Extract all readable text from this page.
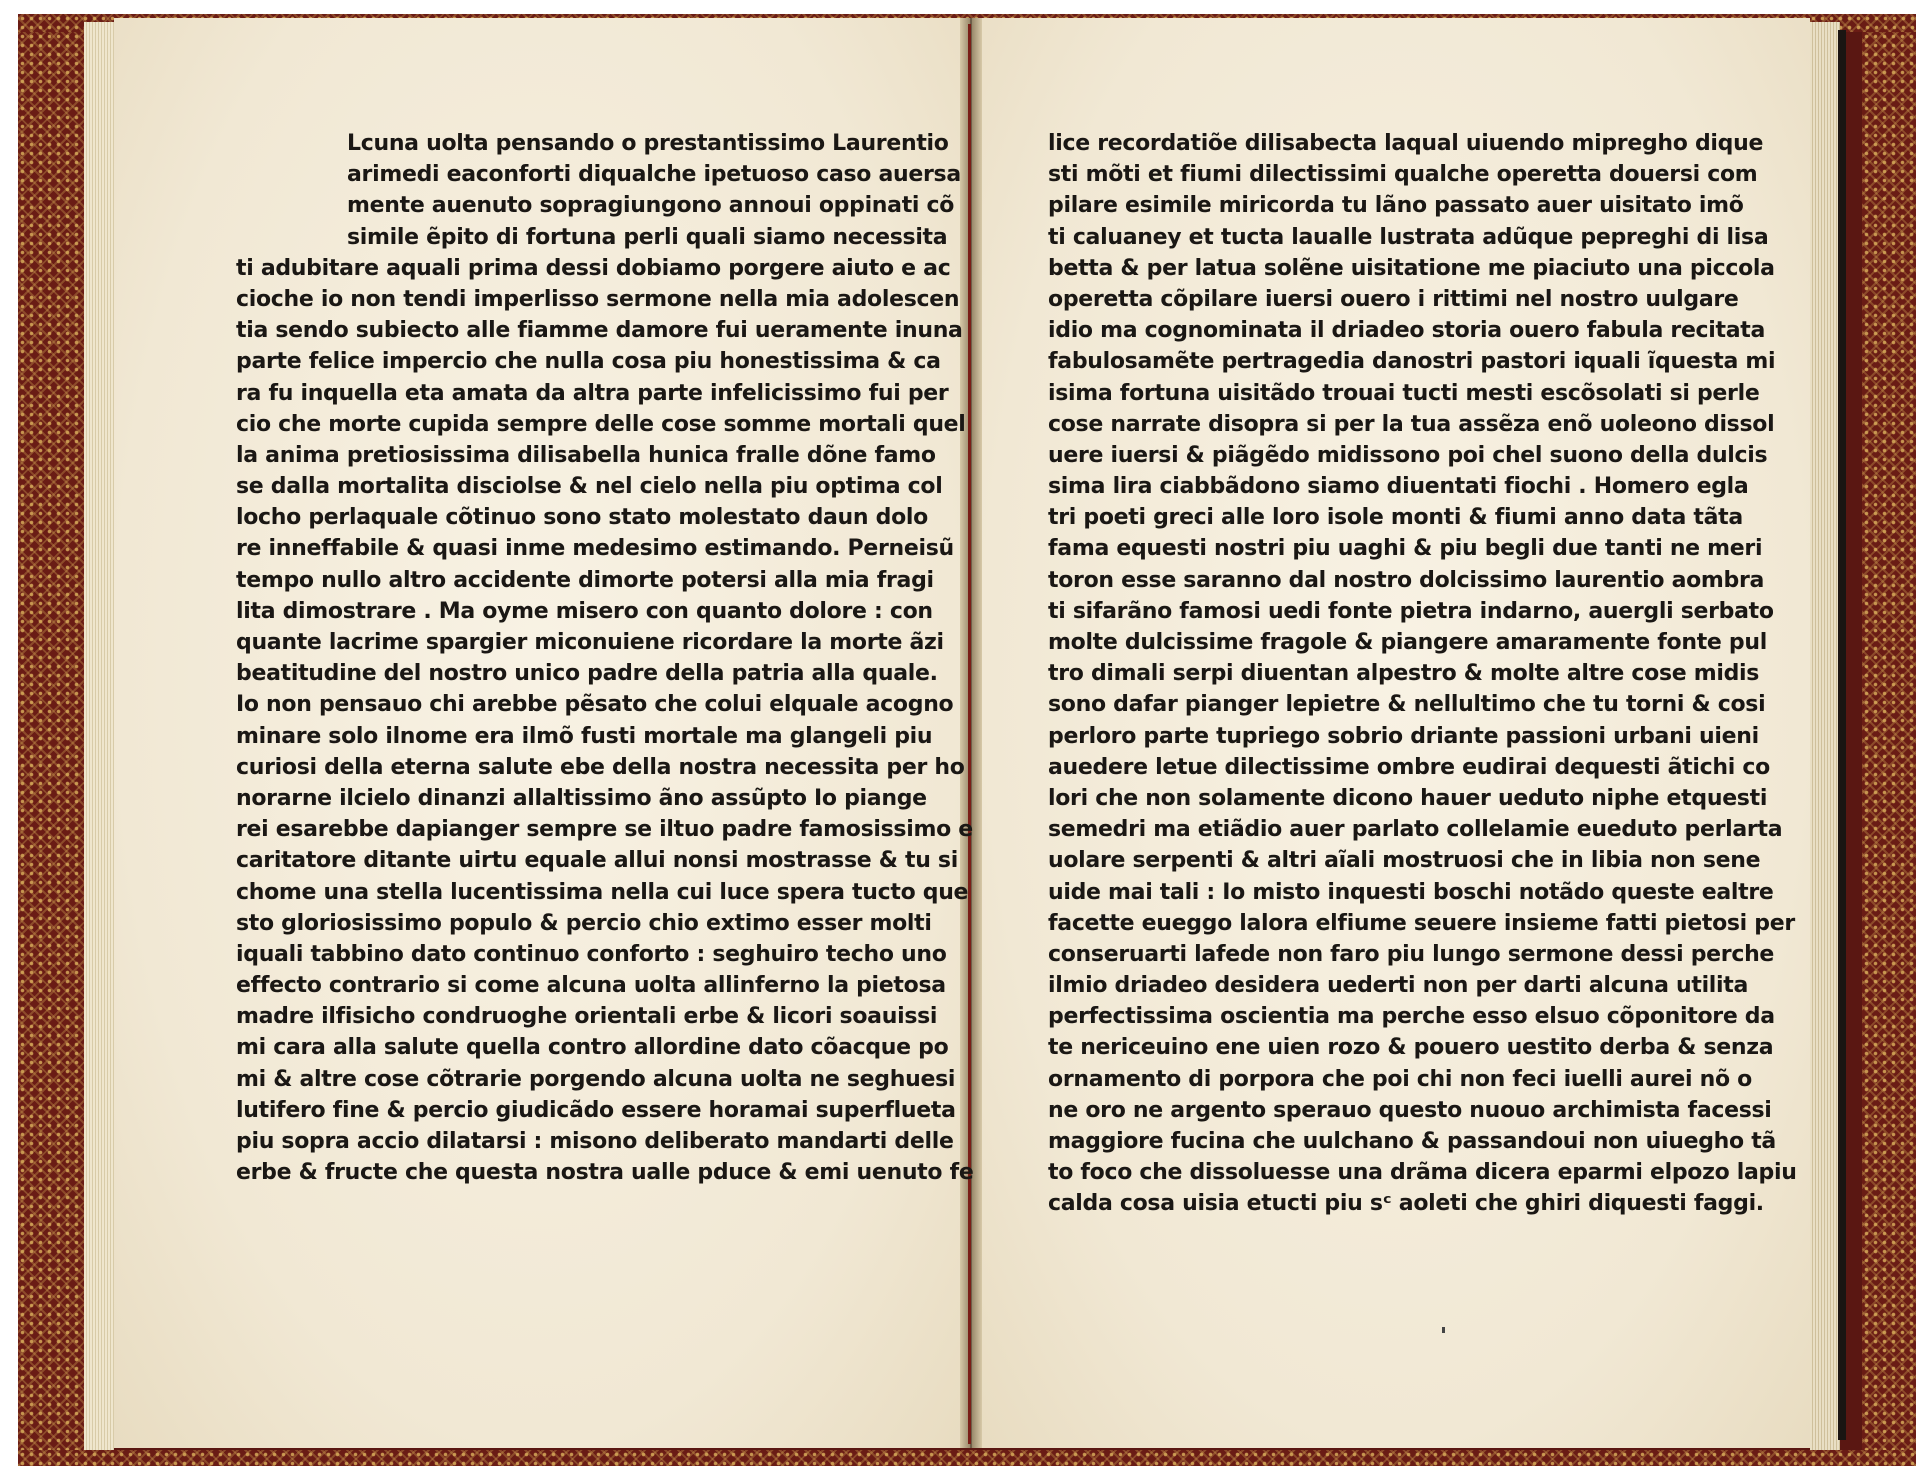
Lcuna uolta pensando o prestantissimo Laurentio
arimedi eaconforti diqualche ipetuoso caso auersa
mente auenuto sopragiungono annoui oppinati cõ
simile ẽpito di fortuna perli quali siamo necessita
ti adubitare aquali prima dessi dobiamo porgere aiuto e ac
cioche io non tendi imperlisso sermone nella mia adolescen
tia sendo subiecto alle fiamme damore fui ueramente inuna
parte felice impercio che nulla cosa piu honestissima & ca
ra fu inquella eta amata da altra parte infelicissimo fui per
cio che morte cupida sempre delle cose somme mortali quel
la anima pretiosissima dilisabella hunica fralle dõne famo
se dalla mortalita disciolse & nel cielo nella piu optima col
locho perlaquale cõtinuo sono stato molestato daun dolo
re inneffabile & quasi inme medesimo estimando. Perneisũ
tempo nullo altro accidente dimorte potersi alla mia fragi
lita dimostrare . Ma oyme misero con quanto dolore : con
quante lacrime spargier miconuiene ricordare la morte ãzi
beatitudine del nostro unico padre della patria alla quale.
Io non pensauo chi arebbe pẽsato che colui elquale acogno
minare solo ilnome era ilmõ fusti mortale ma glangeli piu
curiosi della eterna salute ebe della nostra necessita per ho
norarne ilcielo dinanzi allaltissimo ãno assũpto Io piange
rei esarebbe dapianger sempre se iltuo padre famosissimo e
caritatore ditante uirtu equale allui nonsi mostrasse & tu si
chome una stella lucentissima nella cui luce spera tucto que
sto gloriosissimo populo & percio chio extimo esser molti
iquali tabbino dato continuo conforto : seghuiro techo uno
effecto contrario si come alcuna uolta allinferno la pietosa
madre ilfisicho condruoghe orientali erbe & licori soauissi
mi cara alla salute quella contro allordine dato cõacque po
mi & altre cose cõtrarie porgendo alcuna uolta ne seghuesi
lutifero fine & percio giudicãdo essere horamai superflueta
piu sopra accio dilatarsi : misono deliberato mandarti delle
erbe & fructe che questa nostra ualle pduce & emi uenuto fe
lice recordatiõe dilisabecta laqual uiuendo mipregho dique
sti mõti et fiumi dilectissimi qualche operetta douersi com
pilare esimile miricorda tu lãno passato auer uisitato imõ
ti caluaney et tucta laualle lustrata adũque pepreghi di lisa
betta & per latua solẽne uisitatione me piaciuto una piccola
operetta cõpilare iuersi ouero i rittimi nel nostro uulgare
idio ma cognominata il driadeo storia ouero fabula recitata
fabulosamẽte pertragedia danostri pastori iquali ĩquesta mi
isima fortuna uisitãdo trouai tucti mesti escõsolati si perle
cose narrate disopra si per la tua assẽza enõ uoleono dissol
uere iuersi & piãgẽdo midissono poi chel suono della dulcis
sima lira ciabbãdono siamo diuentati fiochi . Homero egla
tri poeti greci alle loro isole monti & fiumi anno data tãta
fama equesti nostri piu uaghi & piu begli due tanti ne meri
toron esse saranno dal nostro dolcissimo laurentio aombra
ti sifarãno famosi uedi fonte pietra indarno, auergli serbato
molte dulcissime fragole & piangere amaramente fonte pul
tro dimali serpi diuentan alpestro & molte altre cose midis
sono dafar pianger lepietre & nellultimo che tu torni & cosi
perloro parte tupriego sobrio driante passioni urbani uieni
auedere letue dilectissime ombre eudirai dequesti ãtichi co
lori che non solamente dicono hauer ueduto niphe etquesti
semedri ma etiãdio auer parlato collelamie eueduto perlarta
uolare serpenti & altri aĩali mostruosi che in libia non sene
uide mai tali : Io misto inquesti boschi notãdo queste ealtre
facette eueggo lalora elfiume seuere insieme fatti pietosi per
conseruarti lafede non faro piu lungo sermone dessi perche
ilmio driadeo desidera uederti non per darti alcuna utilita
perfectissima oscientia ma perche esso elsuo cõponitore da
te nericeuino ene uien rozo & pouero uestito derba & senza
ornamento di porpora che poi chi non feci iuelli aurei nõ o
ne oro ne argento sperauo questo nuouo archimista facessi
maggiore fucina che uulchano & passandoui non uiuegho tã
to foco che dissoluesse una drãma dicera eparmi elpozo lapiu
calda cosa uisia etucti piu sᶜ aoleti che ghiri diquesti faggi.
